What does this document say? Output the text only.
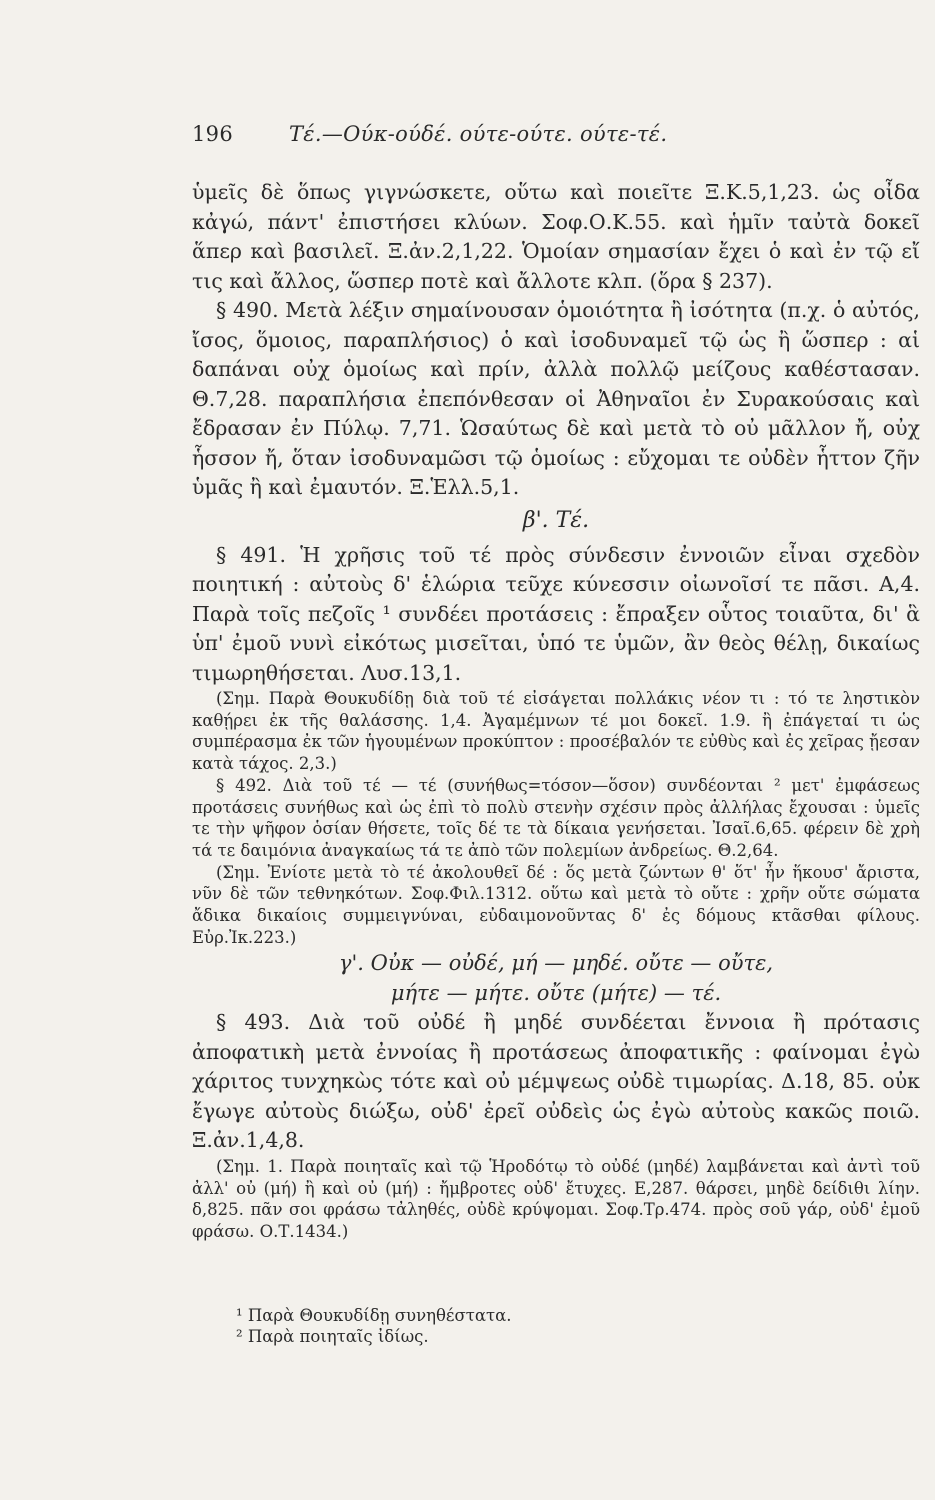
196	Τέ.—Ούκ-ούδέ. ούτε-ούτε. ούτε-τέ.

ὑμεῖς δὲ ὅπως γιγνώσκετε, οὕτω καὶ ποιεῖτε Ξ.Κ.5,1,23. ὡς οἶδα κἀγώ, πάντ' ἐπιστήσει κλύων. Σοφ.Ο.Κ.55. καὶ ἡμῖν ταὐτὰ δοκεῖ ἅπερ καὶ βασιλεῖ. Ξ.ἀν.2,1,22. Ὁμοίαν σημασίαν ἔχει ὁ καὶ ἐν τῷ εἴ τις καὶ ἄλλος, ὥσπερ ποτὲ καὶ ἄλλοτε κλπ. (ὅρα § 237).

§ 490. Μετὰ λέξιν σημαίνουσαν ὁμοιότητα ἢ ἰσότητα (π.χ. ὁ αὐτός, ἴσος, ὅμοιος, παραπλήσιος) ὁ καὶ ἰσοδυναμεῖ τῷ ὡς ἢ ὥσπερ : αἱ δαπάναι οὐχ ὁμοίως καὶ πρίν, ἀλλὰ πολλῷ μείζους καθέστασαν. Θ.7,28. παραπλήσια ἐπεπόνθεσαν οἱ Ἀθηναῖοι ἐν Συρακούσαις καὶ ἔδρασαν ἐν Πύλῳ. 7,71. Ὡσαύτως δὲ καὶ μετὰ τὸ οὐ μᾶλλον ἤ, οὐχ ἧσσον ἤ, ὅταν ἰσοδυναμῶσι τῷ ὁμοίως : εὔχομαι τε οὐδὲν ἧττον ζῆν ὑμᾶς ἢ καὶ ἐμαυτόν. Ξ.Ἑλλ.5,1.

β'. Τέ.

§ 491. Ἡ χρῆσις τοῦ τέ πρὸς σύνδεσιν ἐννοιῶν εἶναι σχεδὸν ποιητική : αὐτοὺς δ' ἑλώρια τεῦχε κύνεσσιν οἰωνοῖσί τε πᾶσι. Α,4. Παρὰ τοῖς πεζοῖς ¹ συνδέει προτάσεις : ἔπραξεν οὗτος τοιαῦτα, δι' ἃ ὑπ' ἐμοῦ νυνὶ εἰκότως μισεῖται, ὑπό τε ὑμῶν, ἂν θεὸς θέλῃ, δικαίως τιμωρηθήσεται. Λυσ.13,1.

(Σημ. Παρὰ Θουκυδίδῃ διὰ τοῦ τέ εἰσάγεται πολλάκις νέον τι : τό τε ληστικὸν καθῄρει ἐκ τῆς θαλάσσης. 1,4. Ἀγαμέμνων τέ μοι δοκεῖ. 1.9. ἢ ἐπάγεταί τι ὡς συμπέρασμα ἐκ τῶν ἡγουμένων προκύπτον : προσέβαλόν τε εὐθὺς καὶ ἐς χεῖρας ᾔεσαν κατὰ τάχος. 2,3.)

§ 492. Διὰ τοῦ τέ — τέ (συνήθως=τόσον—ὅσον) συνδέονται ² μετ' ἐμφάσεως προτάσεις συνήθως καὶ ὡς ἐπὶ τὸ πολὺ στενὴν σχέσιν πρὸς ἀλλήλας ἔχουσαι : ὑμεῖς τε τὴν ψῆφον ὁσίαν θήσετε, τοῖς δέ τε τὰ δίκαια γενήσεται. Ἰσαῖ.6,65. φέρειν δὲ χρὴ τά τε δαιμόνια ἀναγκαίως τά τε ἀπὸ τῶν πολεμίων ἀνδρείως. Θ.2,64.

(Σημ. Ἐνίοτε μετὰ τὸ τέ ἀκολουθεῖ δέ : ὅς μετὰ ζώντων θ' ὅτ' ἦν ἥκουσ' ἄριστα, νῦν δὲ τῶν τεθνηκότων. Σοφ.Φιλ.1312. οὕτω καὶ μετὰ τὸ οὔτε : χρῆν οὔτε σώματα ἄδικα δικαίοις συμμειγνύναι, εὐδαιμονοῦντας δ' ἐς δόμους κτᾶσθαι φίλους. Εὐρ.Ἰκ.223.)

γ'. Οὐκ — οὐδέ, μή — μηδέ. οὔτε — οὔτε,

μήτε — μήτε. οὔτε (μήτε) — τέ.

§ 493. Διὰ τοῦ οὐδέ ἢ μηδέ συνδέεται ἔννοια ἢ πρότασις ἀποφατικὴ μετὰ ἐννοίας ἢ προτάσεως ἀποφατικῆς : φαίνομαι ἐγὼ χάριτος τυνχηκὼς τότε καὶ οὐ μέμψεως οὐδὲ τιμωρίας. Δ.18, 85. οὐκ ἔγωγε αὐτοὺς διώξω, οὐδ' ἐρεῖ οὐδεὶς ὡς ἐγὼ αὐτοὺς κακῶς ποιῶ. Ξ.ἀν.1,4,8.

(Σημ. 1. Παρὰ ποιηταῖς καὶ τῷ Ἡροδότῳ τὸ οὐδέ (μηδέ) λαμβάνεται καὶ ἀντὶ τοῦ ἀλλ' οὐ (μή) ἢ καὶ οὐ (μή) : ἤμβροτες οὐδ' ἔτυχες. Ε,287. θάρσει, μηδὲ δείδιθι λίην. δ,825. πᾶν σοι φράσω τἀληθές, οὐδὲ κρύψομαι. Σοφ.Τρ.474. πρὸς σοῦ γάρ, οὐδ' ἐμοῦ φράσω. Ο.Τ.1434.)

¹ Παρὰ Θουκυδίδῃ συνηθέστατα.
² Παρὰ ποιηταῖς ἰδίως.
